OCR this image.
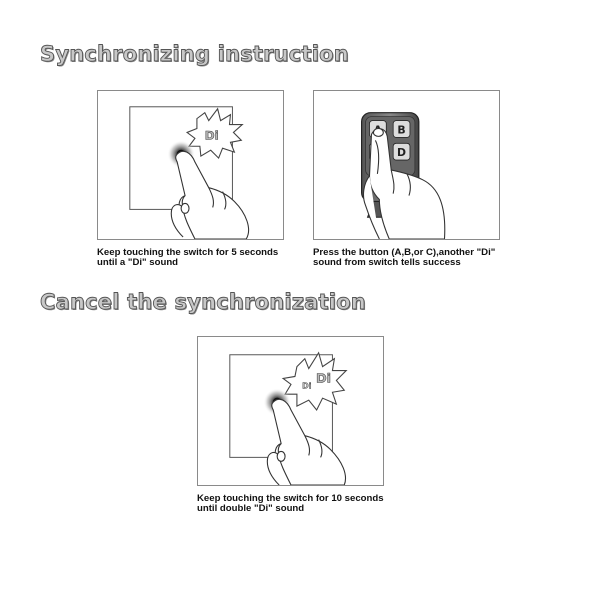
Synchronizing instruction
Di

Keep touching the switch for 5 seconds
until a "Di" sound

B
D

Press the button (A,B,or C),another "Di"
sound from switch tells success

Cancel the synchronization
Di Di

Keep touching the switch for 10 seconds
until double "Di" sound
